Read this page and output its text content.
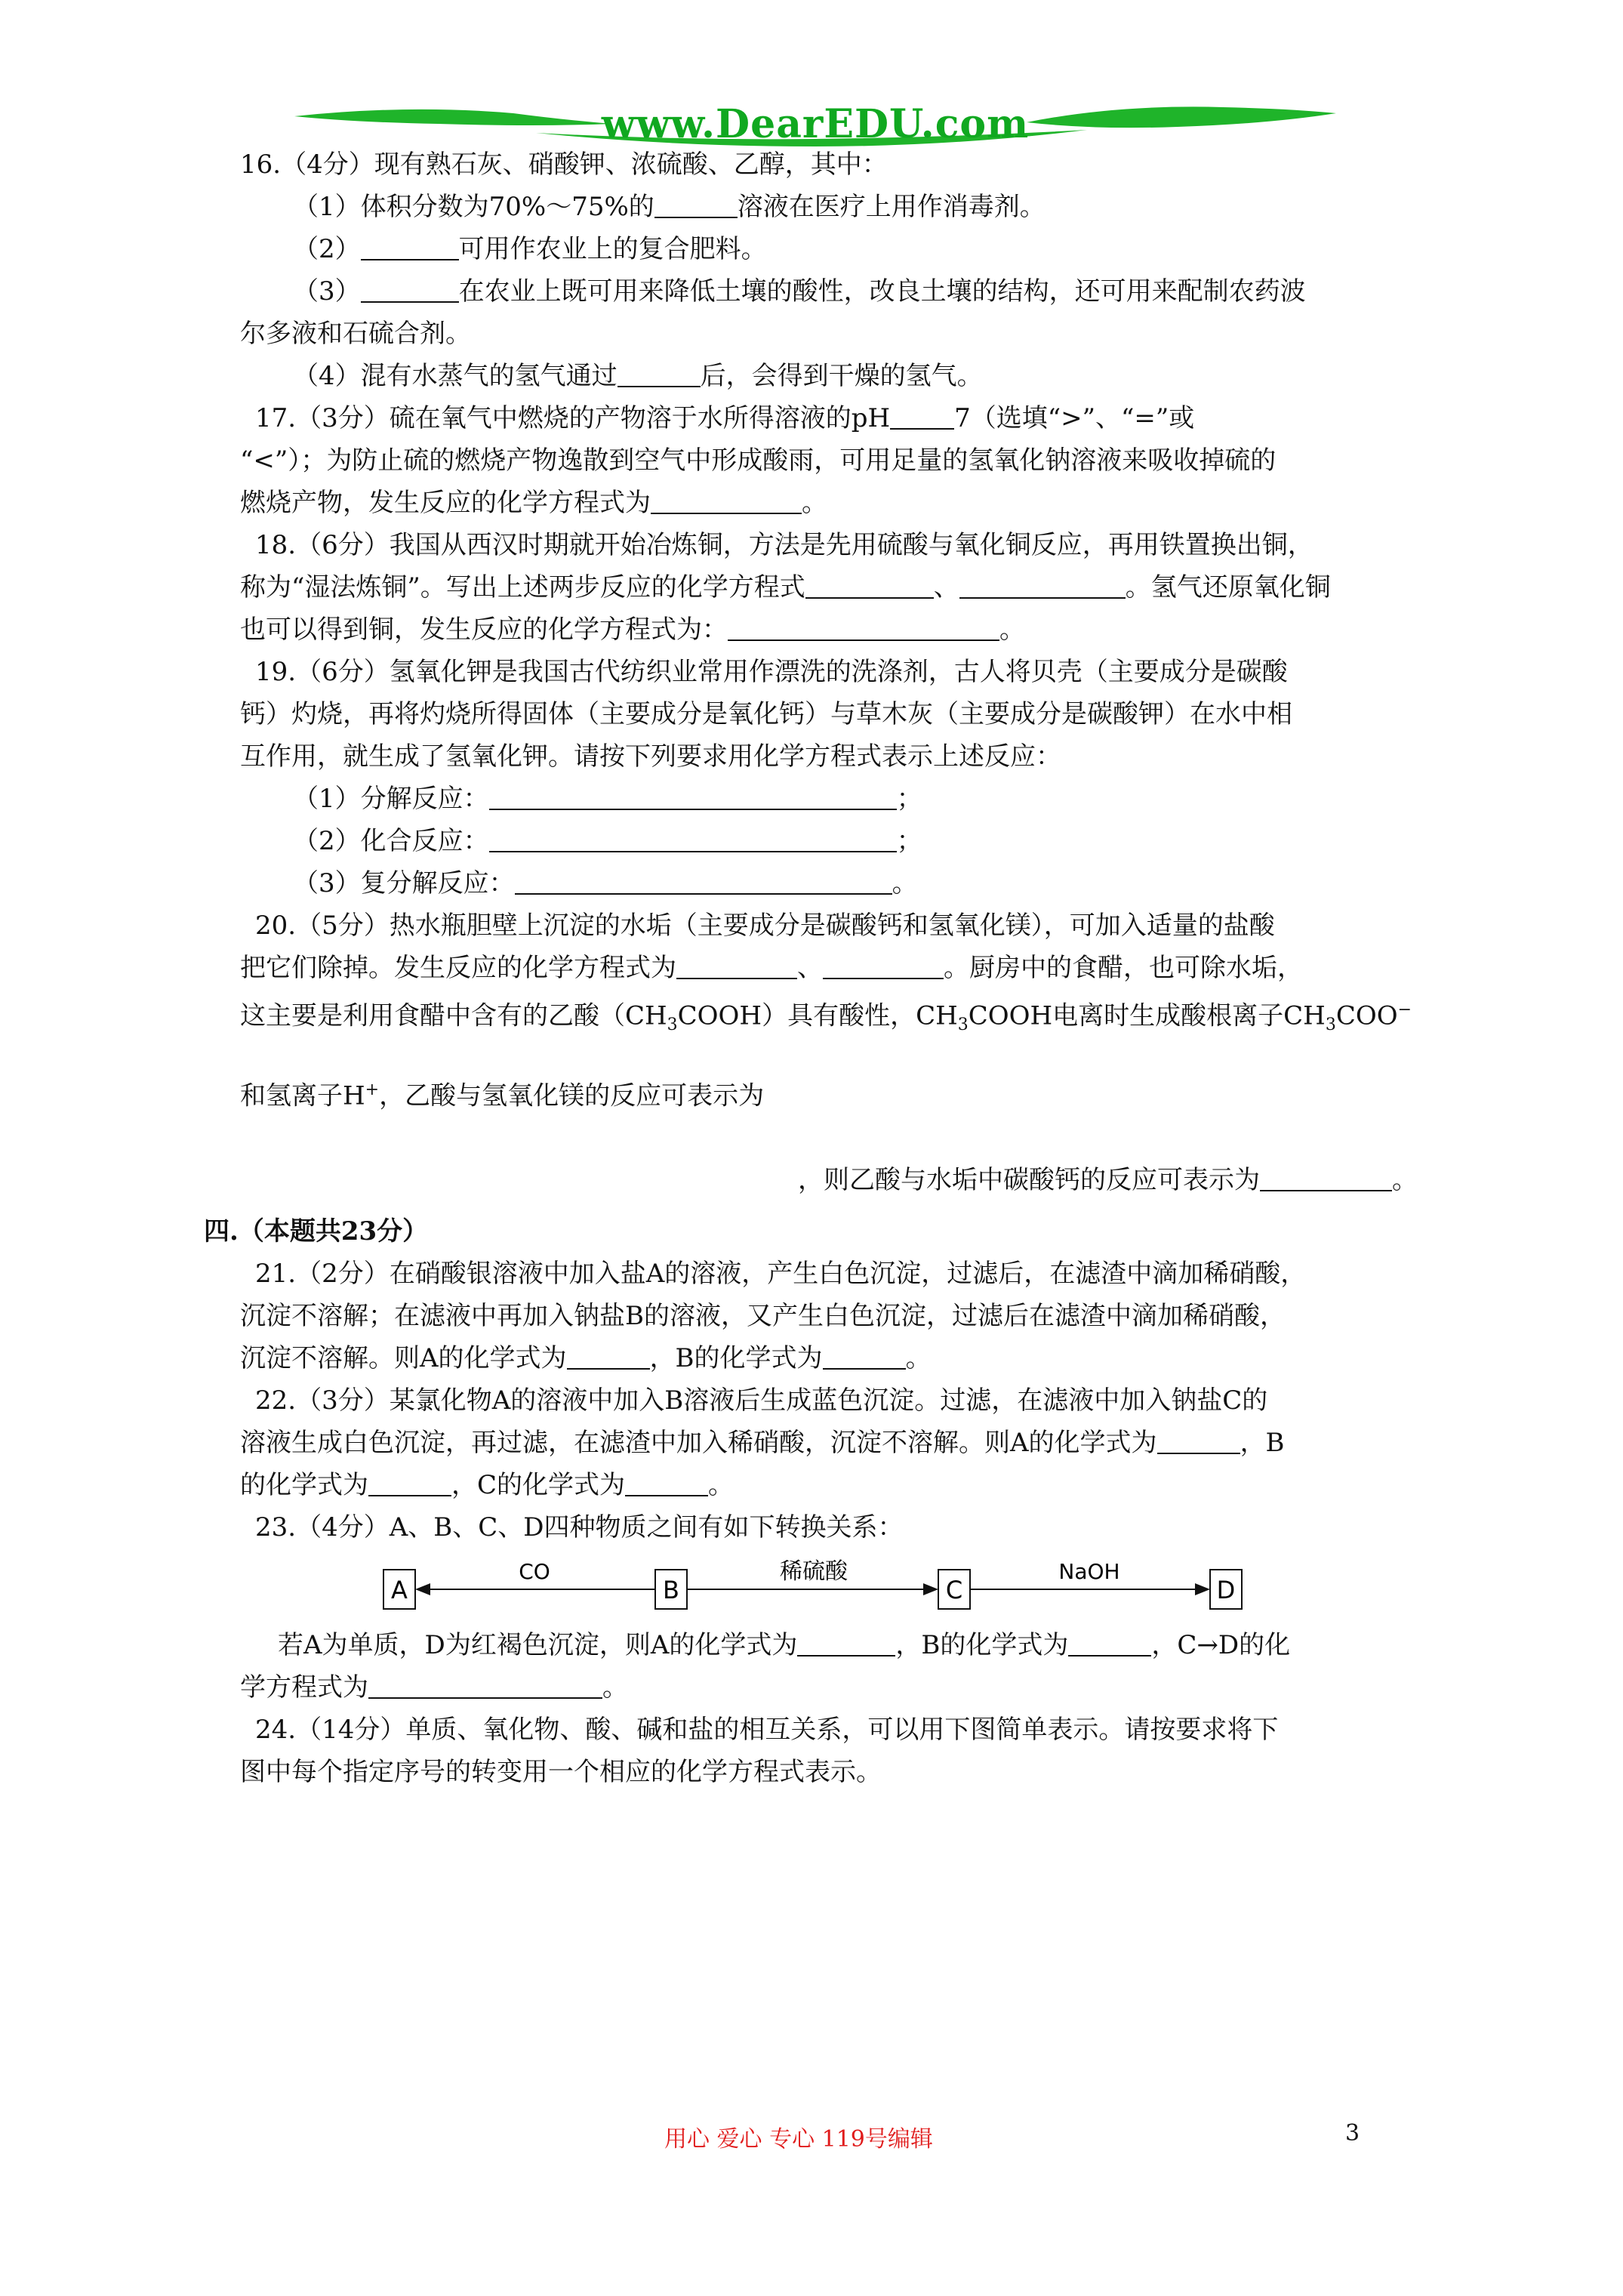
www.DearEDU.com
16.（4分）现有熟石灰、硝酸钾、浓硫酸、乙醇，其中：
（1）体积分数为70%～75%的	溶液在医疗上用作消毒剂。
（2）	可用作农业上的复合肥料。
（3）	在农业上既可用来降低土壤的酸性，改良土壤的结构，还可用来配制农药波
尔多液和石硫合剂。
（4）混有水蒸气的氢气通过	后，会得到干燥的氢气。
17.（3分）硫在氧气中燃烧的产物溶于水所得溶液的pH	7（选填“>”、“=”或
“<”）；为防止硫的燃烧产物逸散到空气中形成酸雨，可用足量的氢氧化钠溶液来吸收掉硫的
燃烧产物，发生反应的化学方程式为	。
18.（6分）我国从西汉时期就开始冶炼铜，方法是先用硫酸与氧化铜反应，再用铁置换出铜，
称为“湿法炼铜”。写出上述两步反应的化学方程式	、	。氢气还原氧化铜
也可以得到铜，发生反应的化学方程式为：	。
19.（6分）氢氧化钾是我国古代纺织业常用作漂洗的洗涤剂，古人将贝壳（主要成分是碳酸
钙）灼烧，再将灼烧所得固体（主要成分是氧化钙）与草木灰（主要成分是碳酸钾）在水中相
互作用，就生成了氢氧化钾。请按下列要求用化学方程式表示上述反应：
（1）分解反应：	；
（2）化合反应：	；
（3）复分解反应：	。
20.（5分）热水瓶胆壁上沉淀的水垢（主要成分是碳酸钙和氢氧化镁），可加入适量的盐酸
把它们除掉。发生反应的化学方程式为	、	。厨房中的食醋，也可除水垢，
这主要是利用食醋中含有的乙酸$(CH_3COOH)$具有酸性，$CH_3COOH$电离时生成酸根离子$CH_3COO^-$
和氢离子H+，乙酸与氢氧化镁的反应可表示为
，则乙酸与水垢中碳酸钙的反应可表示为	。
四.（本题共23分）
21.（2分）在硝酸银溶液中加入盐A的溶液，产生白色沉淀，过滤后，在滤渣中滴加稀硝酸，
沉淀不溶解；在滤液中再加入钠盐B的溶液，又产生白色沉淀，过滤后在滤渣中滴加稀硝酸，
沉淀不溶解。则A的化学式为	，B的化学式为	。
22.（3分）某氯化物A的溶液中加入B溶液后生成蓝色沉淀。过滤，在滤液中加入钠盐C的
溶液生成白色沉淀，再过滤，在滤渣中加入稀硝酸，沉淀不溶解。则A的化学式为	，B
的化学式为	，C的化学式为	。
23.（4分）A、B、C、D四种物质之间有如下转换关系：
A	B	C	D
CO	稀硫酸	NaOH
若A为单质，D为红褐色沉淀，则A的化学式为	，B的化学式为	，C→D的化
学方程式为	。
24.（14分）单质、氧化物、酸、碱和盐的相互关系，可以用下图简单表示。请按要求将下
图中每个指定序号的转变用一个相应的化学方程式表示。
用心 爱心 专心 119号编辑	3
